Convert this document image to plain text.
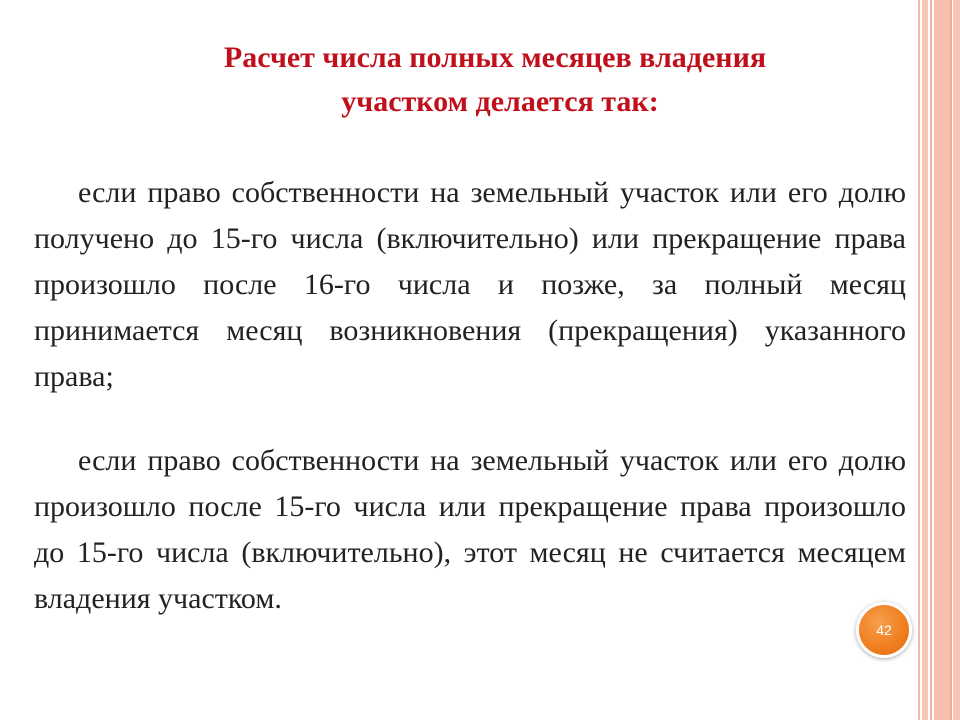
Расчет числа полных месяцев владения
участком делается так:

если право собственности на земельный участок или его долю получено до 15-го числа (включительно) или прекращение права произошло после 16-го числа и позже, за полный месяц принимается месяц возникновения (прекращения) указанного права;

если право собственности на земельный участок или его долю произошло после 15-го числа или прекращение права произошло до 15-го числа (включительно), этот месяц не считается месяцем владения участком.

42
